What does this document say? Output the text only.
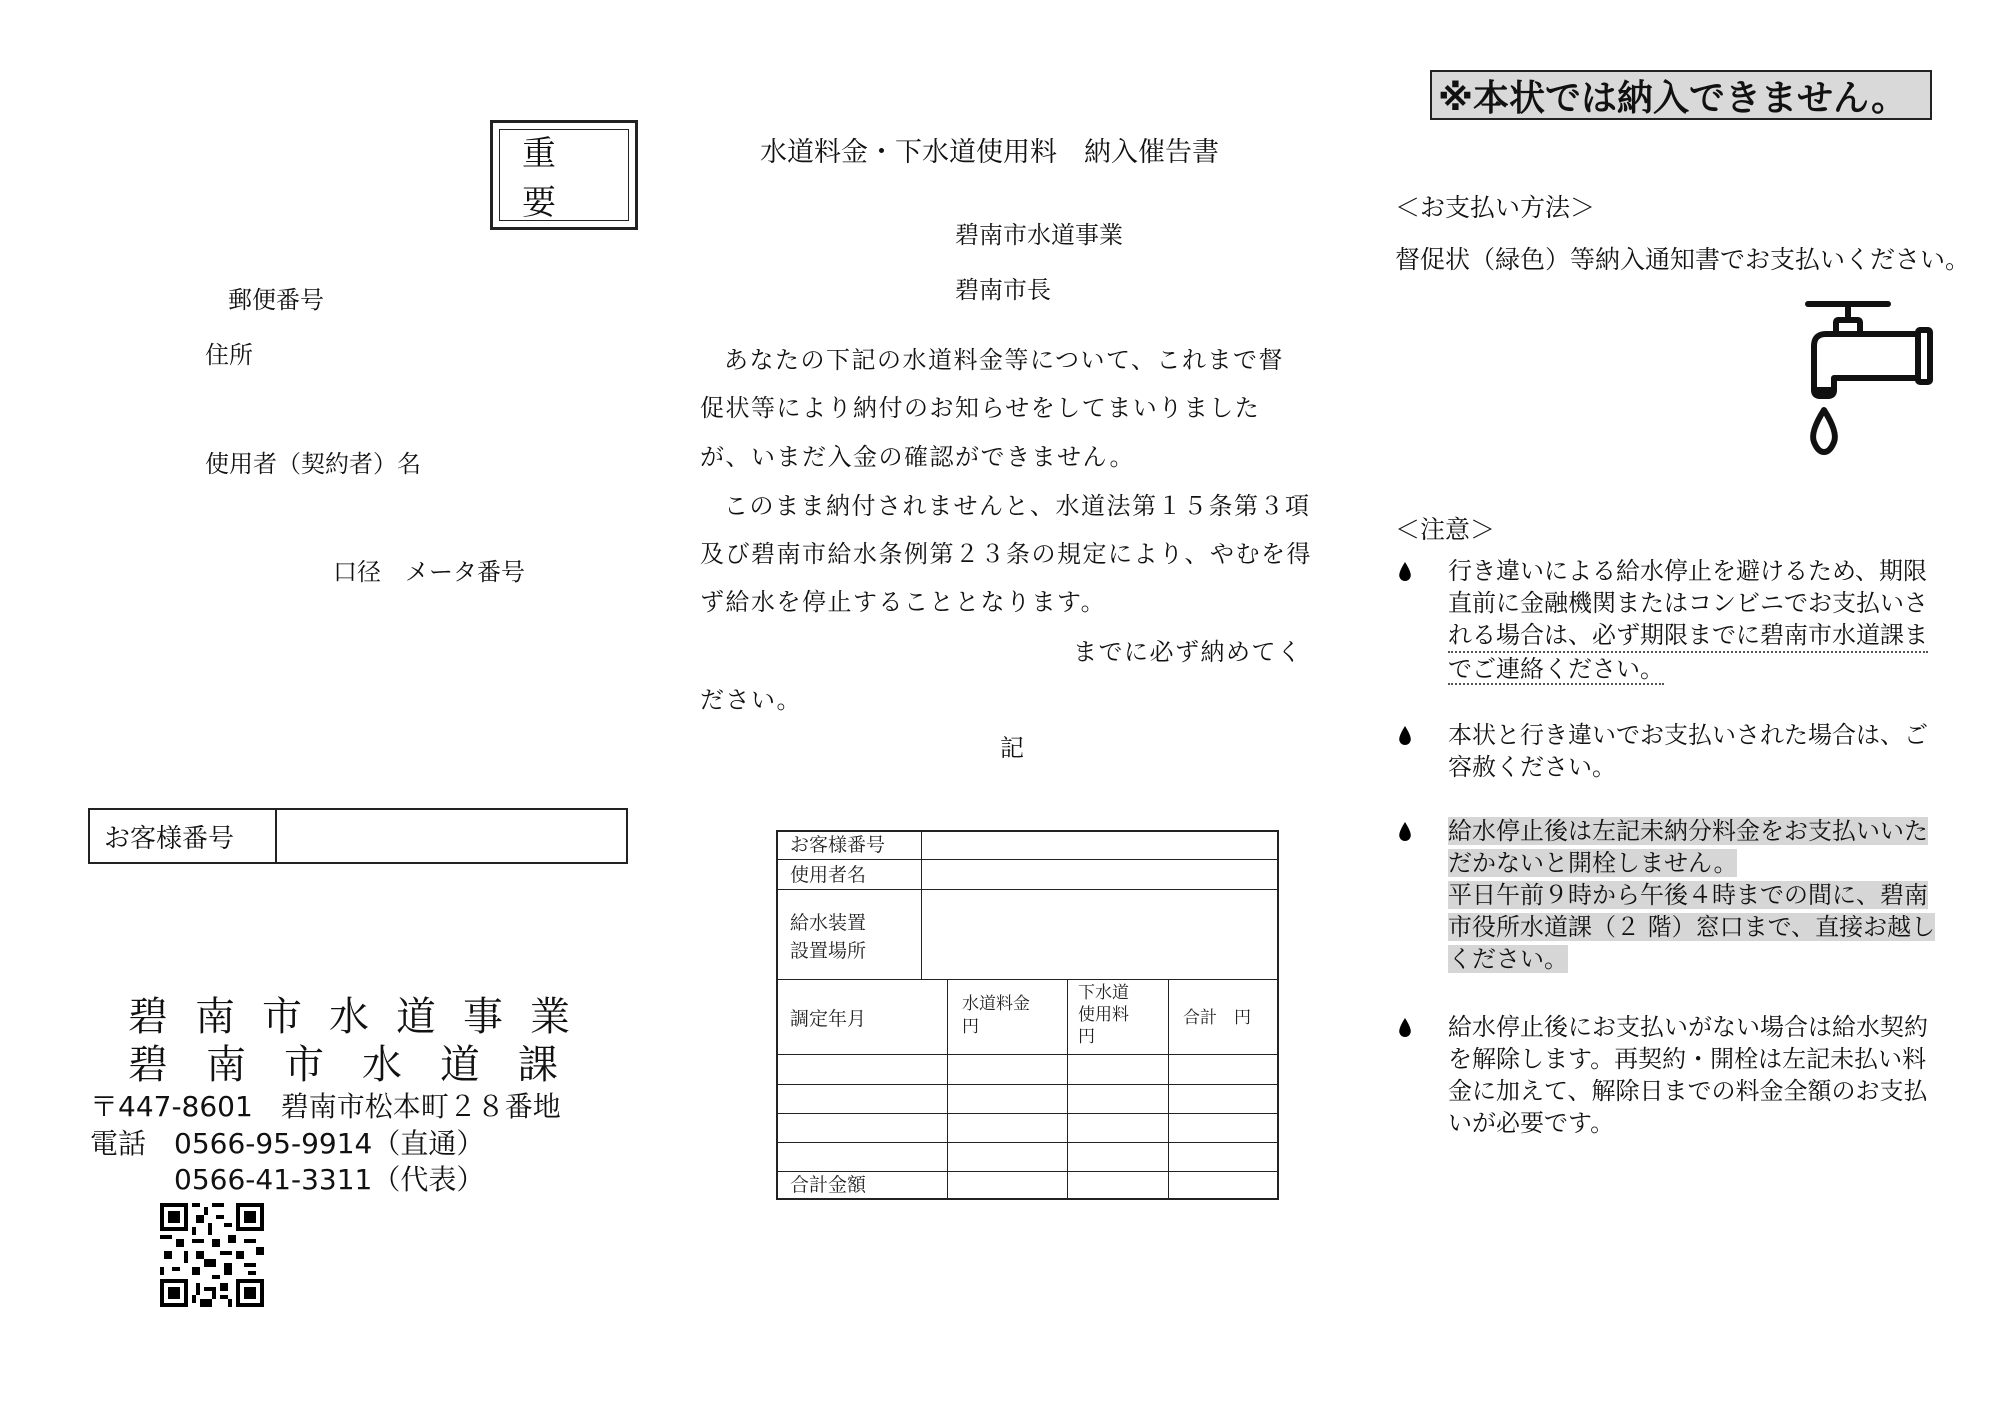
重 要
郵便番号
住所
使用者（契約者）名
口径　メータ番号
お客様番号
碧南市水道事業
碧南市水道課
〒447-8601　碧南市松本町２８番地
電話　0566-95-9914（直通）
0566-41-3311（代表）
水道料金・下水道使用料　納入催告書
碧南市水道事業
碧南市長
あなたの下記の水道料金等について、これまで督
促状等により納付のお知らせをしてまいりました
が、いまだ入金の確認ができません。
このまま納付されませんと、水道法第１５条第３項
及び碧南市給水条例第２３条の規定により、やむを得
ず給水を停止することとなります。
までに必ず納めてく
ださい。
記
お客様番号
使用者名
給水装置
設置場所
調定年月
水道料金
円
下水道
使用料
円
合計　円
合計金額
※本状では納入できません。
＜お支払い方法＞
督促状（緑色）等納入通知書でお支払いください。
＜注意＞
行き違いによる給水停止を避けるため、期限
直前に金融機関またはコンビニでお支払いさ
れる場合は、必ず期限までに碧南市水道課ま
でご連絡ください。
本状と行き違いでお支払いされた場合は、ご
容赦ください。
給水停止後は左記未納分料金をお支払いいた
だかないと開栓しません。
平日午前９時から午後４時までの間に、碧南
市役所水道課（２ 階）窓口まで、直接お越し
ください。
給水停止後にお支払いがない場合は給水契約
を解除します。再契約・開栓は左記未払い料
金に加えて、解除日までの料金全額のお支払
いが必要です。
